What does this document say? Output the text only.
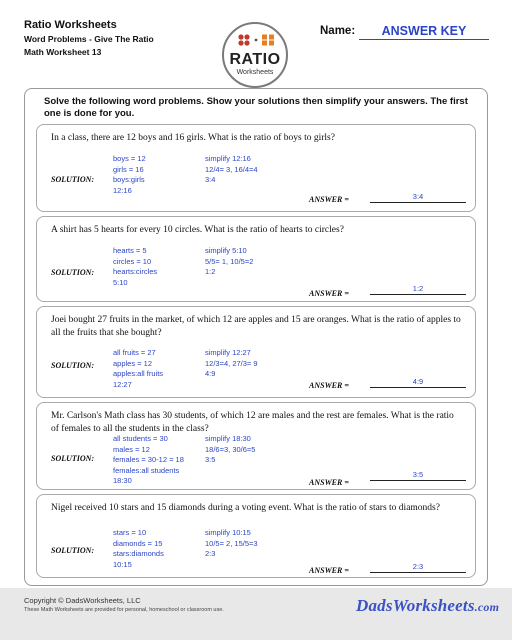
Ratio Worksheets
Word Problems - Give The Ratio
Math Worksheet 13	RATIO
Worksheets
Name:	ANSWER KEY
Solve the following word problems. Show your solutions then simplify your answers. The first one is done for you.
In a class, there are 12 boys and 16 girls. What is the ratio of boys to girls?
SOLUTION:
boys = 12
girls = 16
boys:girls
12:16
simplify 12:16
12/4= 3, 16/4=4
3:4
ANSWER =	3:4
A shirt has 5 hearts for every 10 circles. What is the ratio of hearts to circles?
SOLUTION:
hearts = 5
circles = 10
hearts:circles
5:10
simplify 5:10
5/5= 1, 10/5=2
1:2
ANSWER =
1:2
Joei bought 27 fruits in the market, of which 12 are apples and 15 are oranges. What is the ratio of apples to all the fruits that she bought?
SOLUTION:
all fruits = 27
apples = 12
apples:all fruits
12:27
simplify 12:27
12/3=4, 27/3= 9
4:9
ANSWER =	4:9
Mr. Carlson's Math class has 30 students, of which 12 are males and the rest are females. What is the ratio of females to all the students in the class?
SOLUTION:
all students = 30
males = 12
females = 30-12 = 18
females:all students
18:30
simplify 18:30
18/6=3, 30/6=5
3:5
ANSWER =
3:5
Nigel received 10 stars and 15 diamonds during a voting event. What is the ratio of stars to diamonds?
SOLUTION:
stars = 10
diamonds = 15
stars:diamonds
10:15
simplify 10:15
10/5= 2, 15/5=3
2:3
ANSWER =	2:3
Copyright © DadsWorksheets, LLC
These Math Worksheets are provided for personal, homeschool or classroom use.	DadsWorksheets.com
